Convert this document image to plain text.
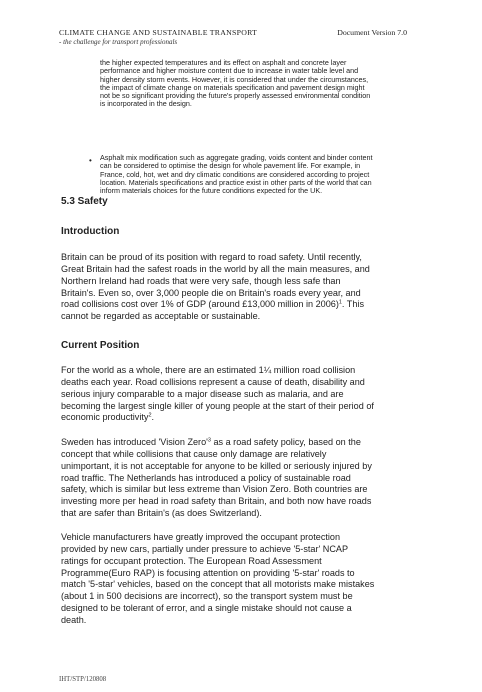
CLIMATE CHANGE AND SUSTAINABLE TRANSPORT
- the challenge for transport professionals
Document Version 7.0
the higher expected temperatures and its effect on asphalt and concrete layer
performance and higher moisture content due to increase in water table level and
higher density storm events. However, it is considered that under the circumstances,
the impact of climate change on materials specification and pavement design might
not be so significant providing the future's properly assessed environmental condition
is incorporated in the design.
• Asphalt mix modification such as aggregate grading, voids content and binder content
can be considered to optimise the design for whole pavement life. For example, in
France, cold, hot, wet and dry climatic conditions are considered according to project
location. Materials specifications and practice exist in other parts of the world that can
inform materials choices for the future conditions expected for the UK.
5.3 Safety
Introduction
Britain can be proud of its position with regard to road safety. Until recently,
Great Britain had the safest roads in the world by all the main measures, and
Northern Ireland had roads that were very safe, though less safe than
Britain's. Even so, over 3,000 people die on Britain's roads every year, and
road collisions cost over 1% of GDP (around £13,000 million in 2006)$^1$. This
cannot be regarded as acceptable or sustainable.
Current Position
For the world as a whole, there are an estimated 1¼ million road collision
deaths each year. Road collisions represent a cause of death, disability and
serious injury comparable to a major disease such as malaria, and are
becoming the largest single killer of young people at the start of their period of
economic productivity$^2$.
Sweden has introduced 'Vision $Zero'^3$ as a road safety policy, based on the
concept that while collisions that cause only damage are relatively
unimportant, it is not acceptable for anyone to be killed or seriously injured by
road traffic. The Netherlands has introduced a policy of sustainable road
safety, which is similar but less extreme than Vision Zero. Both countries are
investing more per head in road safety than Britain, and both now have roads
that are safer than Britain's (as does Switzerland).
Vehicle manufacturers have greatly improved the occupant protection
provided by new cars, partially under pressure to achieve '5-star' NCAP
ratings for occupant protection. The European Road Assessment
Programme(Euro RAP) is focusing attention on providing '5-star' roads to
match '5-star' vehicles, based on the concept that all motorists make mistakes
(about 1 in 500 decisions are incorrect), so the transport system must be
designed to be tolerant of error, and a single mistake should not cause a
death.
IHT/STP/120808
